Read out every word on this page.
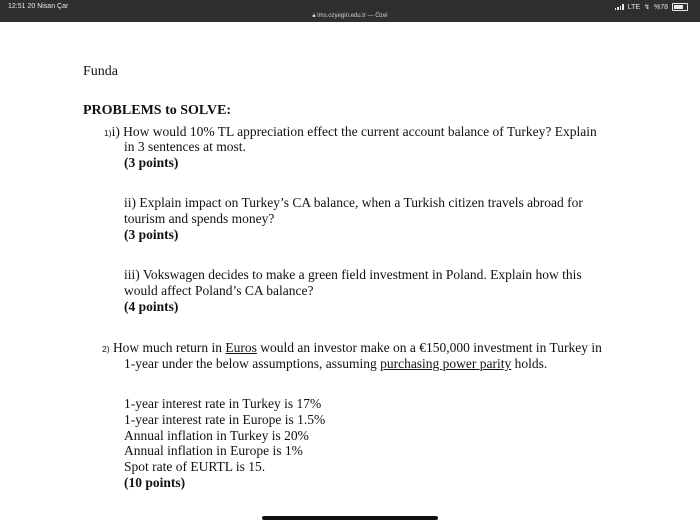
12:51 20 Nisan Çar
🔒︎ lms.ozyegin.edu.tr — Özel
LTE ↯ %78
Funda
PROBLEMS to SOLVE:
1)i) How would 10% TL appreciation effect the current account balance of Turkey? Explain
in 3 sentences at most.
(3 points)
ii) Explain impact on Turkey’s CA balance, when a Turkish citizen travels abroad for
tourism and spends money?
(3 points)
iii) Vokswagen decides to make a green field investment in Poland. Explain how this
would affect Poland’s CA balance?
(4 points)
2) How much return in Euros would an investor make on a €150,000 investment in Turkey in
1-year under the below assumptions, assuming purchasing power parity holds.
1-year interest rate in Turkey is 17%
1-year interest rate in Europe is 1.5%
Annual inflation in Turkey is 20%
Annual inflation in Europe is 1%
Spot rate of EURTL is 15.
(10 points)
